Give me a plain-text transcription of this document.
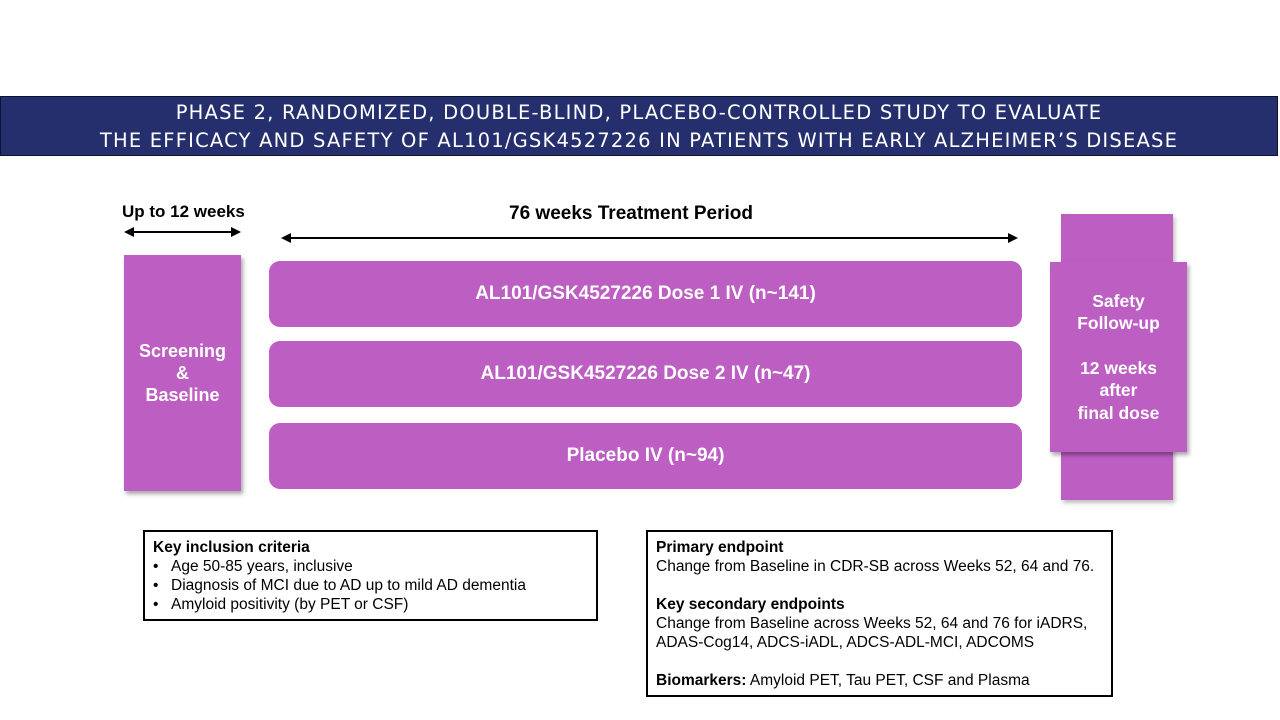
PHASE 2, RANDOMIZED, DOUBLE-BLIND, PLACEBO-CONTROLLED STUDY TO EVALUATE
THE EFFICACY AND SAFETY OF AL101/GSK4527226 IN PATIENTS WITH EARLY ALZHEIMER’S DISEASE
Up to 12 weeks	76 weeks Treatment Period
Screening
&
Baseline
AL101/GSK4527226 Dose 1 IV (n~141)
AL101/GSK4527226 Dose 2 IV (n~47)
Placebo IV (n~94)
Safety
Follow-up
12 weeks
after
final dose
Key inclusion criteria
• Age 50-85 years, inclusive
• Diagnosis of MCI due to AD up to mild AD dementia
• Amyloid positivity (by PET or CSF)

Primary endpoint

Change from Baseline in CDR-SB across Weeks 52, 64 and 76.

Key secondary endpoints

Change from Baseline across Weeks 52, 64 and 76 for iADRS,

ADAS-Cog14, ADCS-iADL, ADCS-ADL-MCI, ADCOMS

Biomarkers: Amyloid PET, Tau PET, CSF and Plasma
